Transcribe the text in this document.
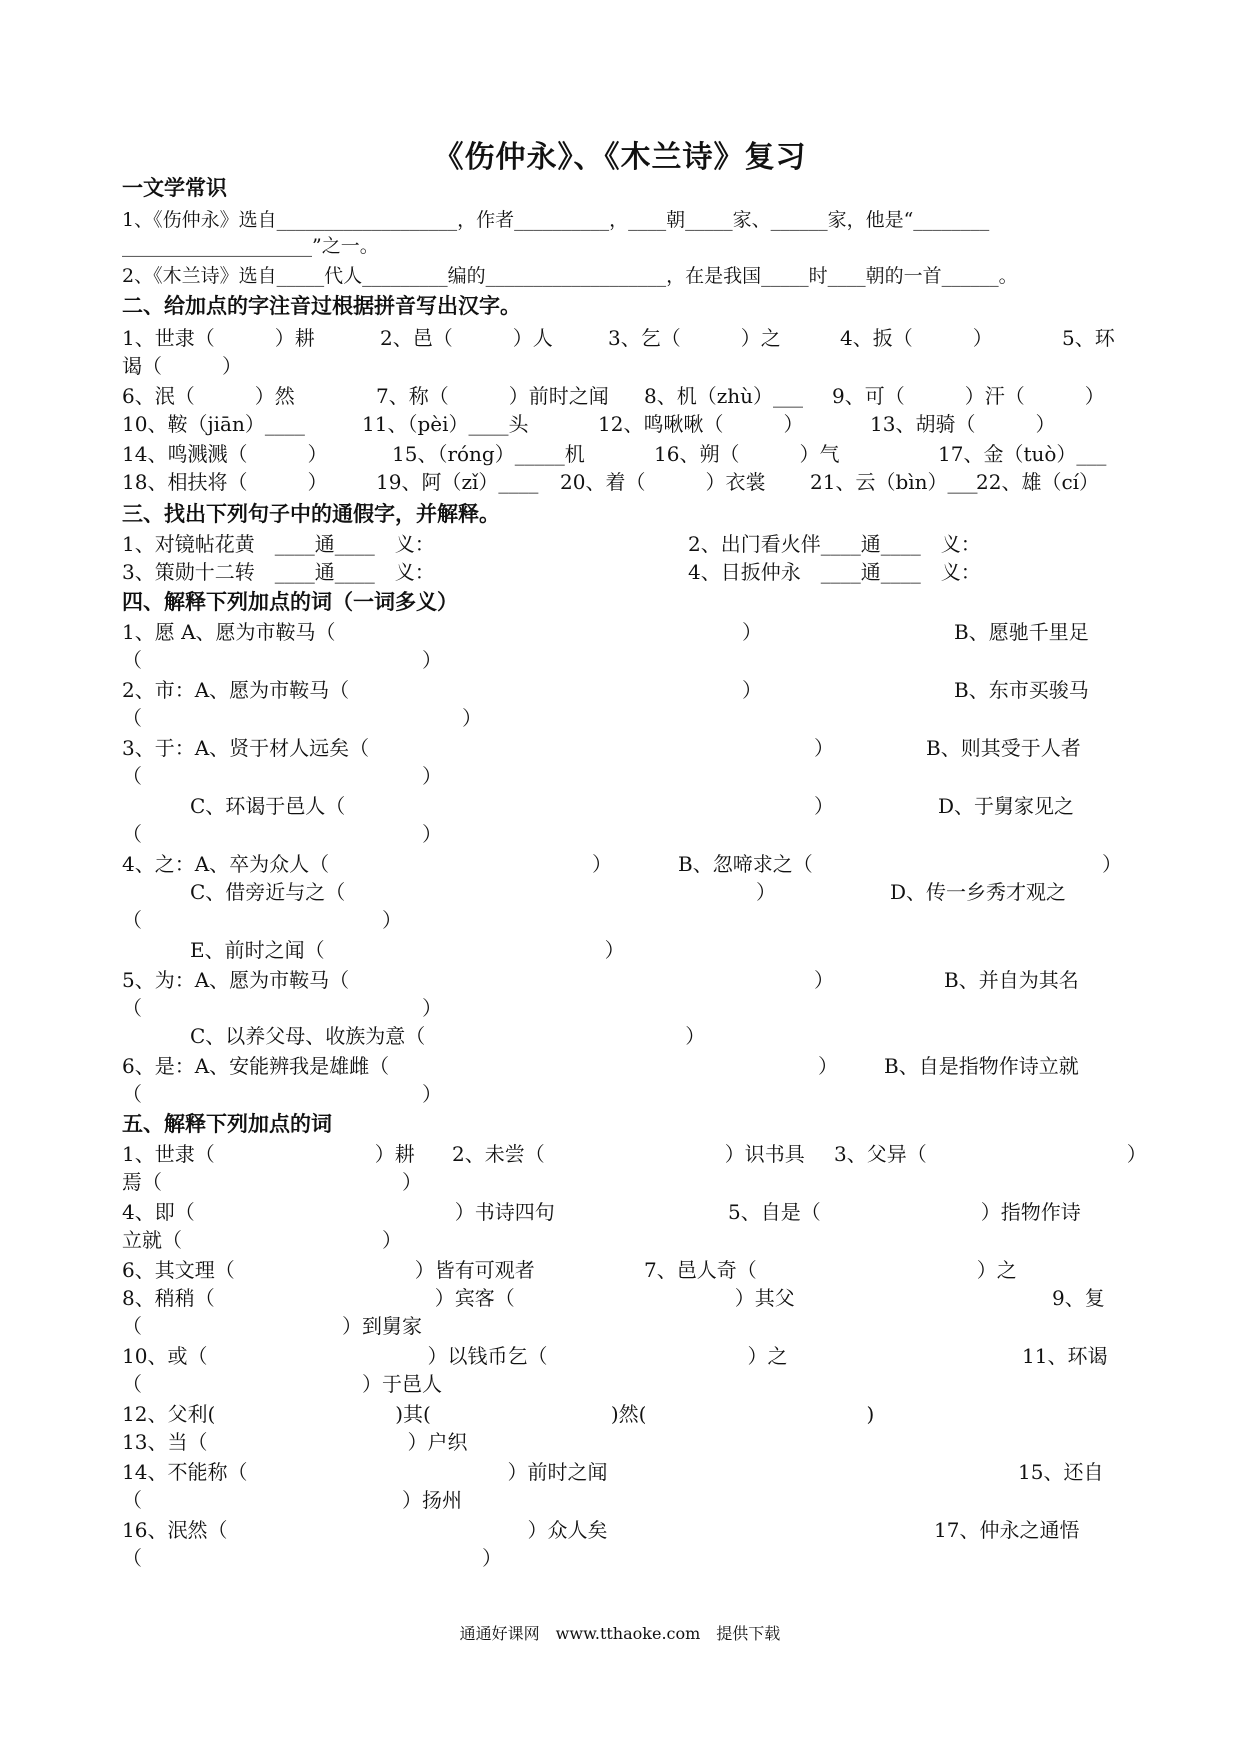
《伤仲永》、《木兰诗》复习
一文学常识
1、《伤仲永》选自___________________，作者__________，____朝_____家、______家，他是“________
____________________”之一。
2、《木兰诗》选自_____代人_________编的___________________，在是我国_____时____朝的一首______。
二、给加点的字注音过根据拼音写出汉字。
1、世隶（　　　）耕	2、邑（　　　）人	3、乞（　　　）之	4、扳（　　　）	5、环
谒（　　　）
6、泯（　　　）然	7、称（　　　）前时之闻 8、机（zhù）___ 9、可（　　　）汗（　　　）
10、鞍（jiān）____	11、（pèi）____头	12、鸣啾啾（　　　）	13、胡骑（　　　）
14、鸣溅溅（　　　）	15、（róng）_____机	16、朔（　　　）气	17、金（tuò）___
18、相扶将（　　　） 19、阿（zǐ）____ 20、着（　　　）衣裳 21、云（bìn）___
22、雄（cí）
三、找出下列句子中的通假字，并解释。
1、对镜帖花黄　____通____　义：	2、出门看火伴____通____　义：
3、策勋十二转　____通____　义：	4、日扳仲永　____通____　义：
四、解释下列加点的词（一词多义）
1、愿 A、愿为市鞍马（	）	B、愿驰千里足
（　　　　　　　　　　　　　　）
2、市：A、愿为市鞍马（	）	B、东市买骏马
（　　　　　　　　　　　　　　　　）
3、于：A、贤于材人远矣（	）	B、则其受于人者
（　　　　　　　　　　　　　　）
C、环谒于邑人（	）	D、于舅家见之
（　　　　　　　　　　　　　　）
4、之：A、卒为众人（	）	B、忽啼求之（	）
C、借旁近与之（	）	D、传一乡秀才观之
（　　　　　　　　　　　　）
E、前时之闻（　　　　　　　　　　　　　　）
5、为：A、愿为市鞍马（	）	B、并自为其名
（　　　　　　　　　　　　　　）
C、以养父母、收族为意（　　　　　　　　　　　　　）
6、是：A、安能辨我是雄雌（	） B、自是指物作诗立就
（　　　　　　　　　　　　　　）
五、解释下列加点的词
1、世隶（　　　　　　　　）耕 2、未尝（　　　　　　　　　）识书具 3、父异（　　　　　　　　　　）
焉（　　　　　　　　　　　　）
4、即（　　　　　　　　　　　　　）书诗四句	5、自是（　　　　　　　　）指物作诗
立就（　　　　　　　　　　）
6、其文理（　　　　　　　　　）皆有可观者	7、邑人奇（　　　　　　　　　　　）之
8、稍稍（　　　　　　　　　　　）宾客（　　　　　　　　　　　）其父	9、复
（　　　　　　　　　　）到舅家
10、或（　　　　　　　　　　　）以钱币乞（　　　　　　　　　　）之	11、环谒
（　　　　　　　　　　　）于邑人
12、父利(　　　　　　　　　)其(　　　　　　　　　)然(　　　　　　　　　　　)
13、当（　　　　　　　　　　）户织
14、不能称（　　　　　　　　　　　　　）前时之闻	15、还自
（　　　　　　　　　　　　　）扬州
16、泯然（　　　　　　　　　　　　　　　）众人矣	17、仲永之通悟
（　　　　　　　　　　　　　　　　　）
通通好课网　www.tthaoke.com　提供下载
